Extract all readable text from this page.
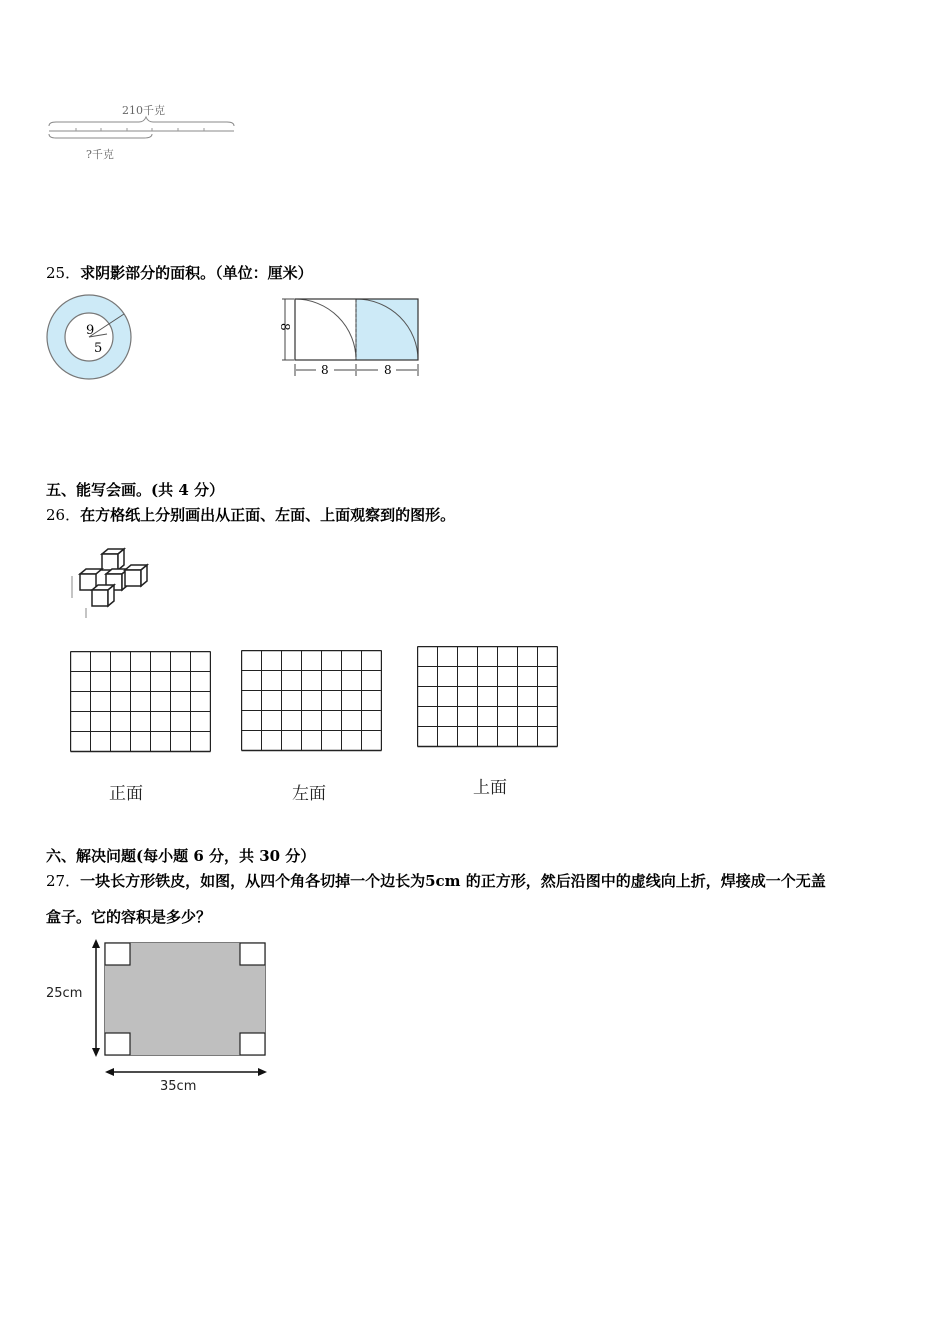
210千克
?千克
25．求阴影部分的面积。（单位：厘米）
9
5
8
8	8
五、能写会画。(共 4 分）
26．在方格纸上分别画出从正面、左面、上面观察到的图形。
正面	左面	上面
六、解决问题(每小题 6 分，共 30 分）
27．一块长方形铁皮，如图，从四个角各切掉一个边长为5cm 的正方形，然后沿图中的虚线向上折，焊接成一个无盖
盒子。它的容积是多少？
25cm
35cm
